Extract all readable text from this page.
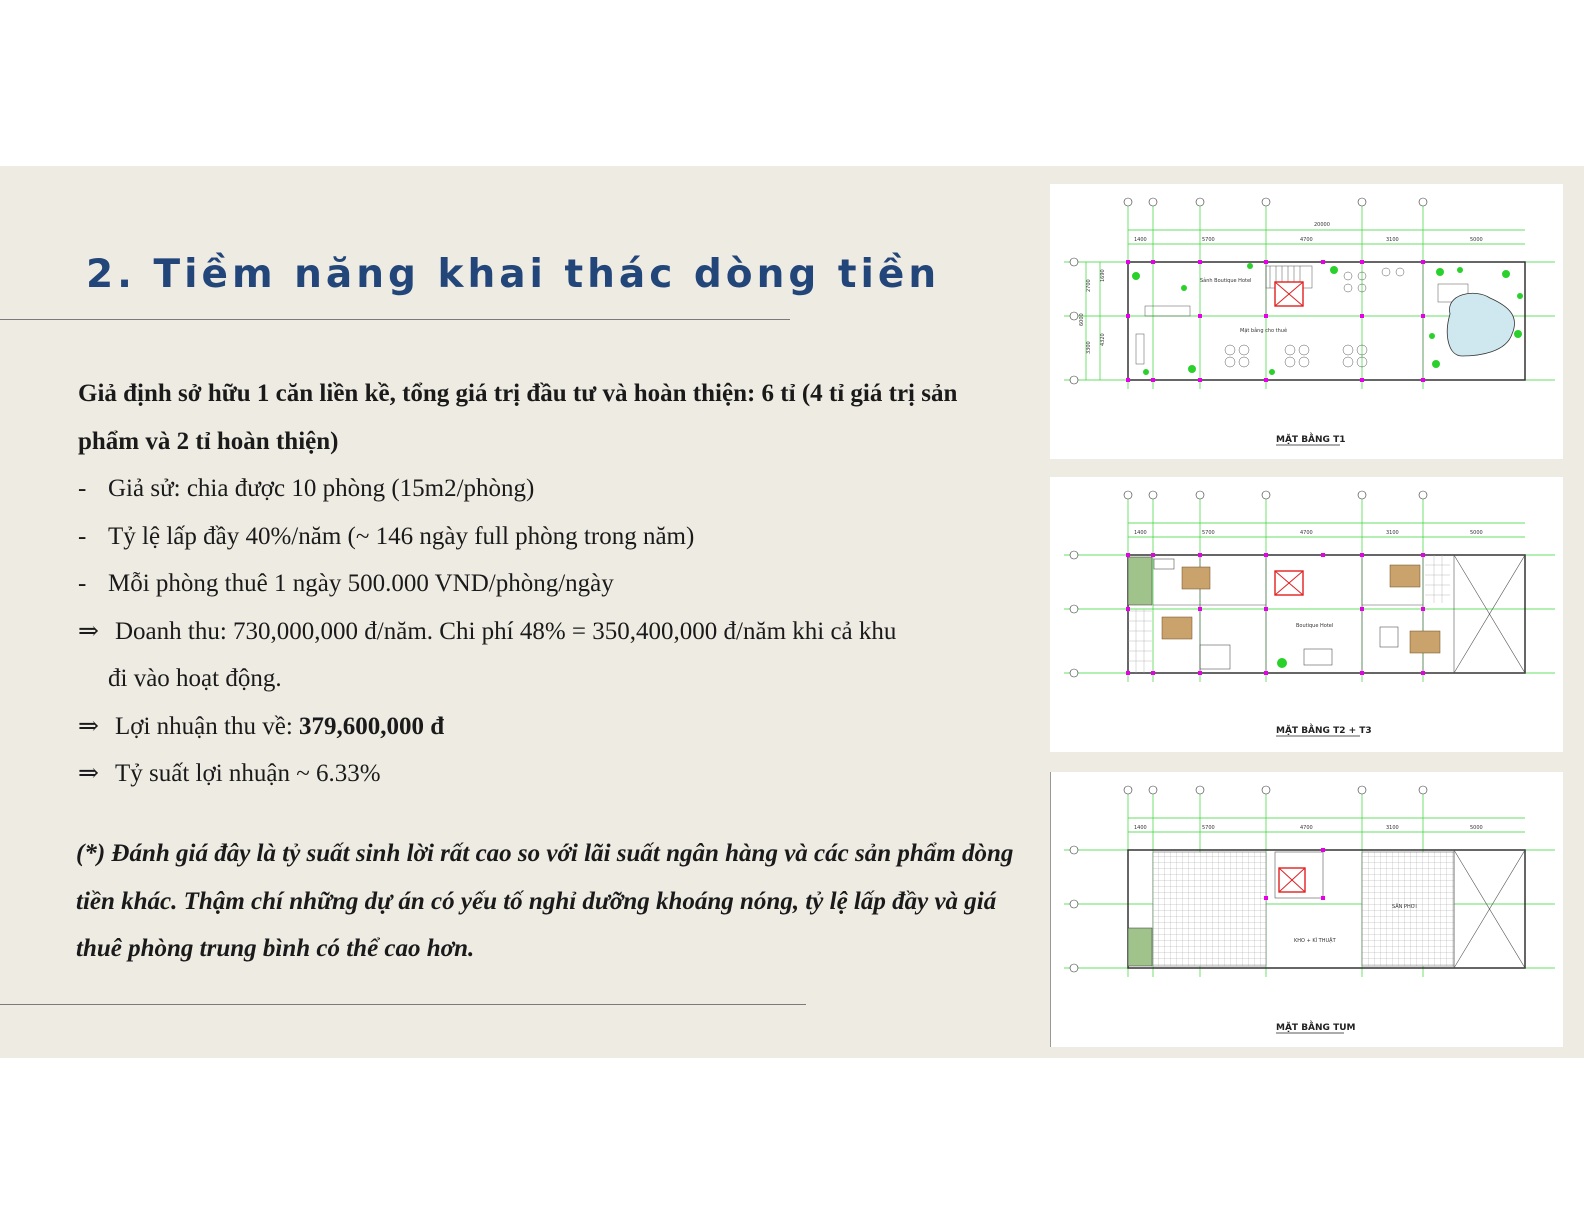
2. Tiềm năng khai thác dòng tiền

Giả định sở hữu 1 căn liền kề, tổng giá trị đầu tư và hoàn thiện: 6 tỉ (4 tỉ giá trị sản phẩm và 2 tỉ hoàn thiện)

- Giả sử: chia được 10 phòng (15m2/phòng)
- Tỷ lệ lấp đầy 40%/năm (~ 146 ngày full phòng trong năm)
- Mỗi phòng thuê 1 ngày 500.000 VND/phòng/ngày
⇒ Doanh thu: 730,000,000 đ/năm. Chi phí 48% = 350,400,000 đ/năm khi cả khu
đi vào hoạt động.
⇒ Lợi nhuận thu về: 379,600,000 đ
⇒ Tỷ suất lợi nhuận ~ 6.33%

(*) Đánh giá đây là tỷ suất sinh lời rất cao so với lãi suất ngân hàng và các sản phẩm dòng tiền khác. Thậm chí những dự án có yếu tố nghỉ dưỡng khoáng nóng, tỷ lệ lấp đầy và giá thuê phòng trung bình có thể cao hơn.

20000
1400	5700	4700	3100	5000
2700
1690
6000
3300
4320
Sảnh Boutique Hotel
Mặt bằng cho thuê
MẶT BẰNG T1
1400	5700	4700	3100	5000
Boutique Hotel
MẶT BẰNG T2 + T3
1400	5700	4700	3100	5000
SÂN PHƠI
KHO + KĨ THUẬT
MẶT BẰNG TUM
